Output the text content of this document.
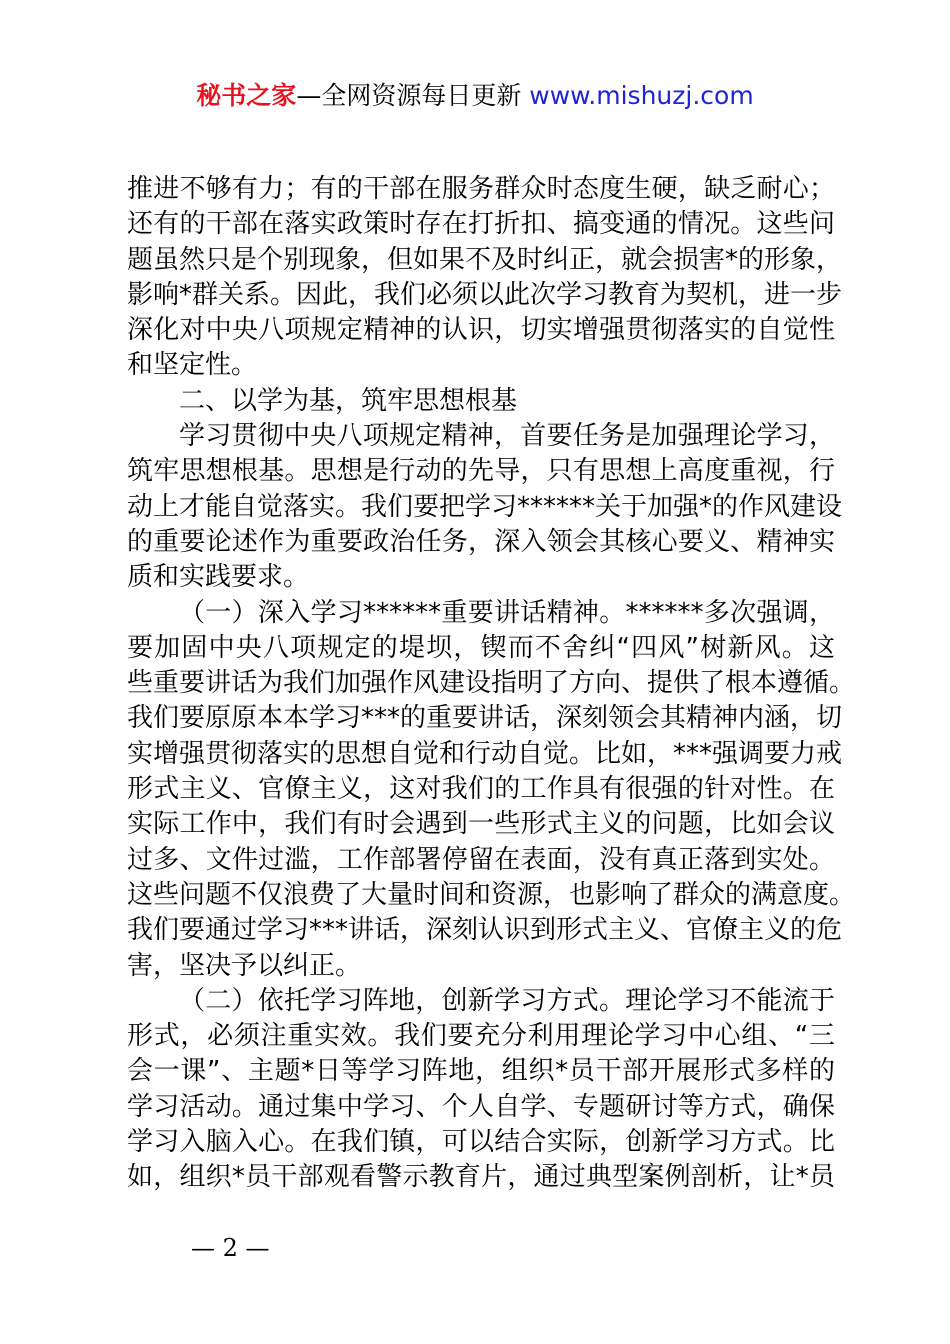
秘书之家—全网资源每日更新 www.mishuzj.com
推进不够有力；有的干部在服务群众时态度生硬，缺乏耐心；
还有的干部在落实政策时存在打折扣、搞变通的情况。这些问
题虽然只是个别现象，但如果不及时纠正，就会损害*的形象，
影响*群关系。因此，我们必须以此次学习教育为契机，进一步
深化对中央八项规定精神的认识，切实增强贯彻落实的自觉性
和坚定性。
二、以学为基，筑牢思想根基
学习贯彻中央八项规定精神，首要任务是加强理论学习，
筑牢思想根基。思想是行动的先导，只有思想上高度重视，行
动上才能自觉落实。我们要把学习******关于加强*的作风建设
的重要论述作为重要政治任务，深入领会其核心要义、精神实
质和实践要求。
（一）深入学习******重要讲话精神。******多次强调，
要加固中央八项规定的堤坝，锲而不舍纠“四风”树新风。这
些重要讲话为我们加强作风建设指明了方向、提供了根本遵循。
我们要原原本本学习***的重要讲话，深刻领会其精神内涵，切
实增强贯彻落实的思想自觉和行动自觉。比如，***强调要力戒
形式主义、官僚主义，这对我们的工作具有很强的针对性。在
实际工作中，我们有时会遇到一些形式主义的问题，比如会议
过多、文件过滥，工作部署停留在表面，没有真正落到实处。
这些问题不仅浪费了大量时间和资源，也影响了群众的满意度。
我们要通过学习***讲话，深刻认识到形式主义、官僚主义的危
害，坚决予以纠正。
（二）依托学习阵地，创新学习方式。理论学习不能流于
形式，必须注重实效。我们要充分利用理论学习中心组、“三
会一课”、主题*日等学习阵地，组织*员干部开展形式多样的
学习活动。通过集中学习、个人自学、专题研讨等方式，确保
学习入脑入心。在我们镇，可以结合实际，创新学习方式。比
如，组织*员干部观看警示教育片，通过典型案例剖析，让*员
— 2 —
